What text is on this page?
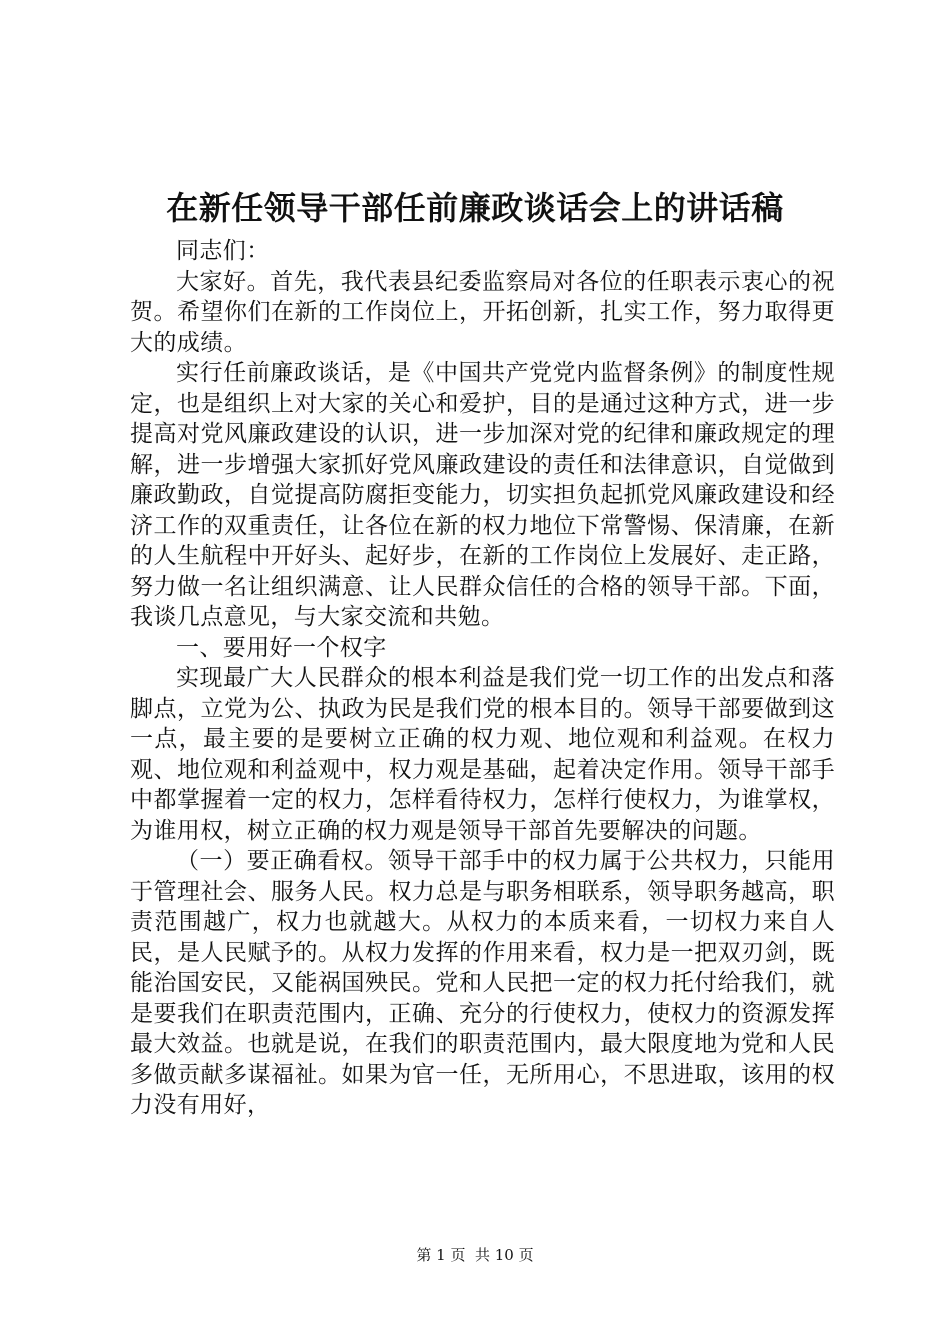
在新任领导干部任前廉政谈话会上的讲话稿

同志们：

大家好。首先，我代表县纪委监察局对各位的任职表示衷心的祝贺。希望你们在新的工作岗位上，开拓创新，扎实工作，努力取得更大的成绩。

实行任前廉政谈话，是《中国共产党党内监督条例》的制度性规定，也是组织上对大家的关心和爱护，目的是通过这种方式，进一步提高对党风廉政建设的认识，进一步加深对党的纪律和廉政规定的理解，进一步增强大家抓好党风廉政建设的责任和法律意识，自觉做到廉政勤政，自觉提高防腐拒变能力，切实担负起抓党风廉政建设和经济工作的双重责任，让各位在新的权力地位下常警惕、保清廉，在新的人生航程中开好头、起好步，在新的工作岗位上发展好、走正路，努力做一名让组织满意、让人民群众信任的合格的领导干部。下面，我谈几点意见，与大家交流和共勉。

一、要用好一个权字

实现最广大人民群众的根本利益是我们党一切工作的出发点和落脚点，立党为公、执政为民是我们党的根本目的。领导干部要做到这一点，最主要的是要树立正确的权力观、地位观和利益观。在权力观、地位观和利益观中，权力观是基础，起着决定作用。领导干部手中都掌握着一定的权力，怎样看待权力，怎样行使权力，为谁掌权，为谁用权，树立正确的权力观是领导干部首先要解决的问题。

（一）要正确看权。领导干部手中的权力属于公共权力，只能用于管理社会、服务人民。权力总是与职务相联系，领导职务越高，职责范围越广，权力也就越大。从权力的本质来看，一切权力来自人民，是人民赋予的。从权力发挥的作用来看，权力是一把双刃剑，既能治国安民，又能祸国殃民。党和人民把一定的权力托付给我们，就是要我们在职责范围内，正确、充分的行使权力，使权力的资源发挥最大效益。也就是说，在我们的职责范围内，最大限度地为党和人民多做贡献多谋福祉。如果为官一任，无所用心，不思进取，该用的权力没有用好，

第 1 页  共 10 页
